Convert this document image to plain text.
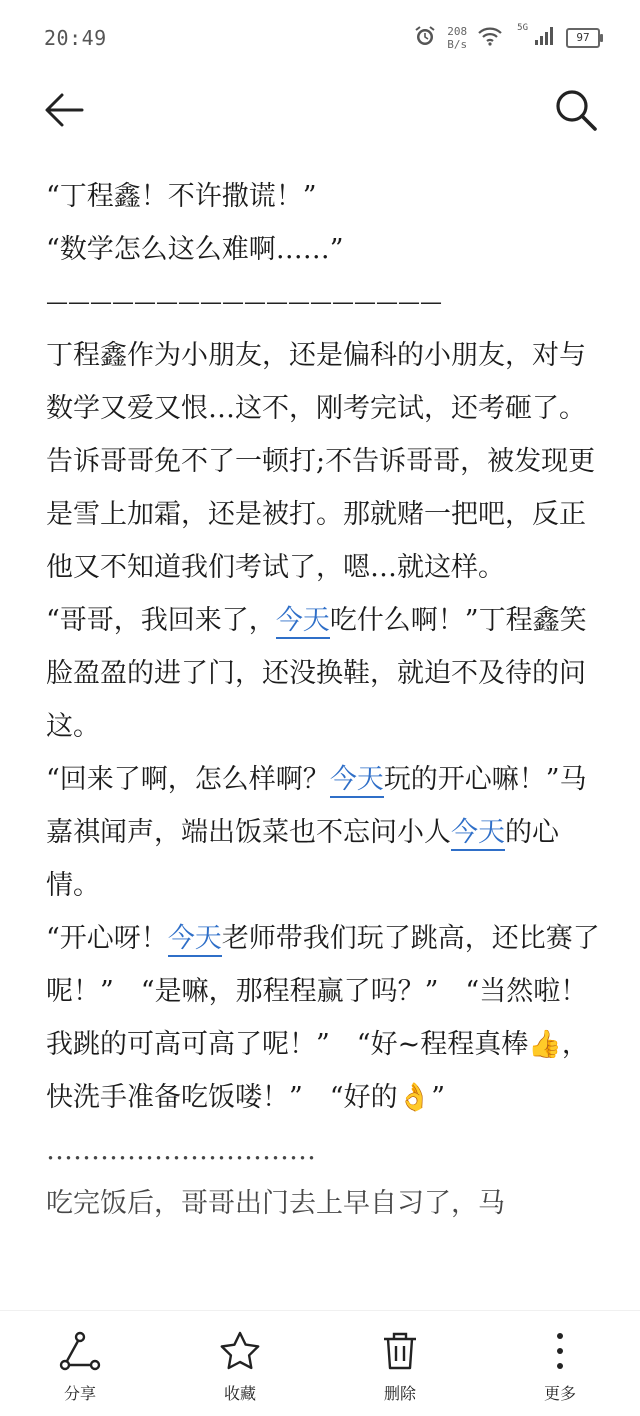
20:49	208
B/s
5G
97

“丁程鑫！不许撒谎！”

“数学怎么这么难啊……”

——————————————————

丁程鑫作为小朋友，还是偏科的小朋友，对与数学又爱又恨…这不，刚考完试，还考砸了。

告诉哥哥免不了一顿打;不告诉哥哥，被发现更是雪上加霜，还是被打。那就赌一把吧，反正他又不知道我们考试了，嗯…就这样。

“哥哥，我回来了，今天吃什么啊！”丁程鑫笑脸盈盈的进了门，还没换鞋，就迫不及待的问这。

“回来了啊，怎么样啊？今天玩的开心嘛！”马嘉祺闻声，端出饭菜也不忘问小人今天的心情。

“开心呀！今天老师带我们玩了跳高，还比赛了呢！”　“是嘛，那程程赢了吗？”　“当然啦！我跳的可高可高了呢！”　“好~程程真棒👍，快洗手准备吃饭喽！”　“好的👌”

…………………………

吃完饭后，哥哥出门去上早自习了，马

分享	收藏	删除	更多
